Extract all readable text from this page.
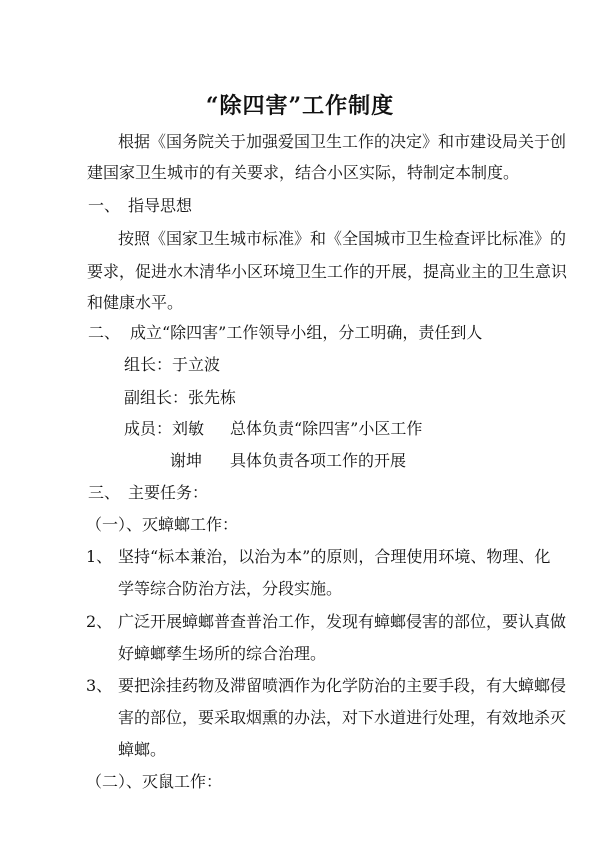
“除四害”工作制度

根据《国务院关于加强爱国卫生工作的决定》和市建设局关于创

建国家卫生城市的有关要求，结合小区实际，特制定本制度。

一、 指导思想

按照《国家卫生城市标准》和《全国城市卫生检查评比标准》的

要求，促进水木清华小区环境卫生工作的开展，提高业主的卫生意识

和健康水平。

二、 成立“除四害”工作领导小组，分工明确，责任到人

组长：于立波

副组长：张先栋

成员：刘敏 总体负责“除四害”小区工作

谢坤 具体负责各项工作的开展

三、 主要任务：

（一）、灭蟑螂工作：

1、 坚持“标本兼治，以治为本”的原则，合理使用环境、物理、化

学等综合防治方法，分段实施。

2、 广泛开展蟑螂普查普治工作，发现有蟑螂侵害的部位，要认真做

好蟑螂孳生场所的综合治理。

3、 要把涂挂药物及滞留喷洒作为化学防治的主要手段，有大蟑螂侵

害的部位，要采取烟熏的办法，对下水道进行处理，有效地杀灭

蟑螂。

（二）、灭鼠工作：
